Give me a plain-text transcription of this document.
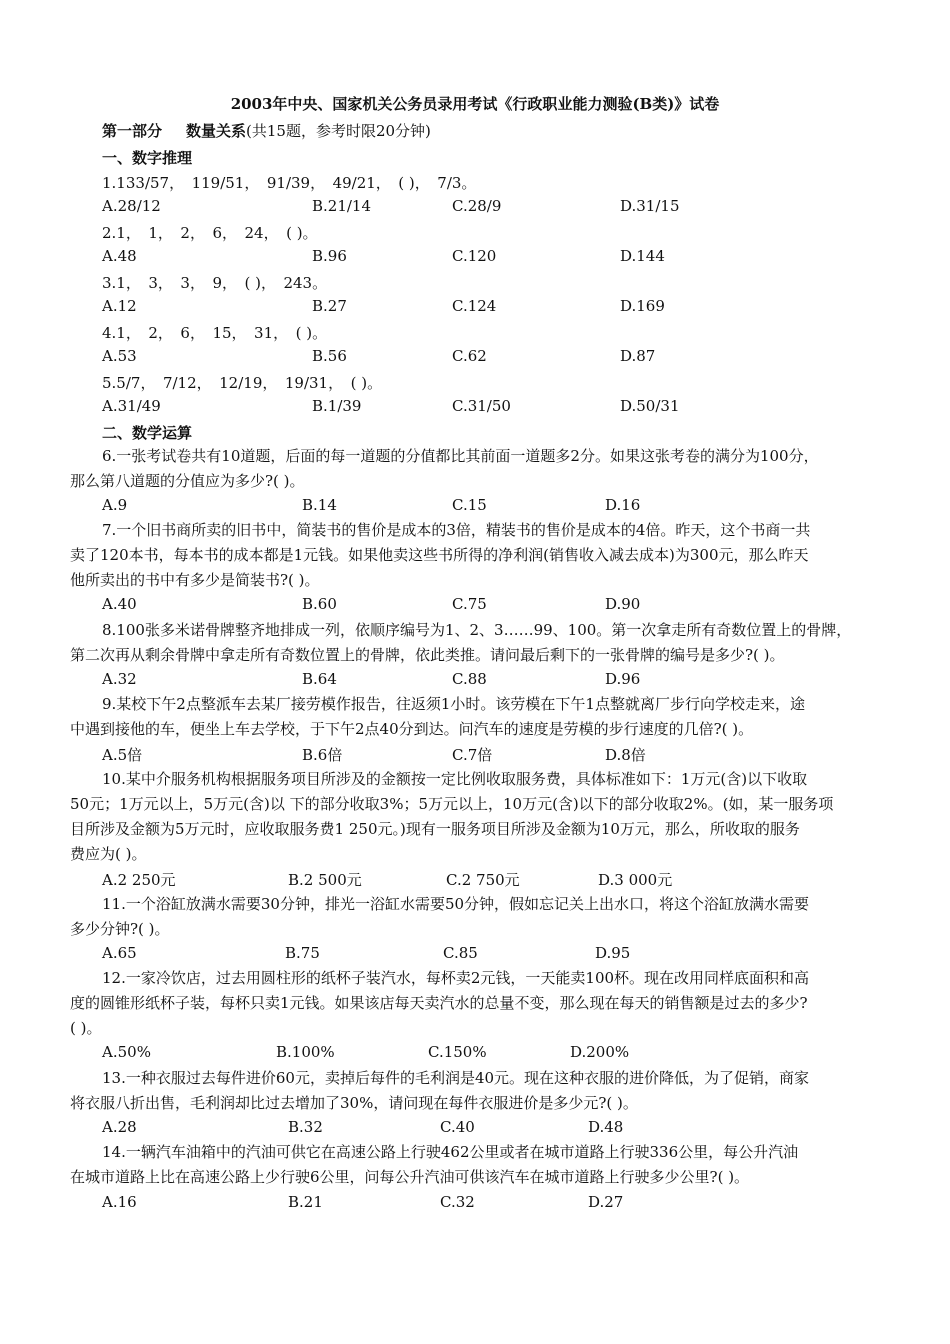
2003年中央、国家机关公务员录用考试《行政职业能力测验(B类)》试卷
第一部分 数量关系(共15题，参考时限20分钟)
一、数字推理
1.133/57，　119/51，　91/39，　49/21，　( )，　7/3。
A.28/12	B.21/14	C.28/9	D.31/15
2.1，　1，　2，　6，　24，　( )。
A.48	B.96	C.120	D.144
3.1，　3，　3，　9，　( )，　243。
A.12	B.27	C.124	D.169
4.1，　2，　6，　15，　31，　( )。
A.53	B.56	C.62	D.87
5.5/7，　7/12，　12/19，　19/31，　( )。
A.31/49	B.1/39	C.31/50	D.50/31
二、数学运算
6.一张考试卷共有10道题，后面的每一道题的分值都比其前面一道题多2分。如果这张考卷的满分为100分，
那么第八道题的分值应为多少?( )。
A.9	B.14	C.15	D.16
7.一个旧书商所卖的旧书中，简装书的售价是成本的3倍，精装书的售价是成本的4倍。昨天，这个书商一共
卖了120本书，每本书的成本都是1元钱。如果他卖这些书所得的净利润(销售收入减去成本)为300元，那么昨天
他所卖出的书中有多少是简装书?( )。
A.40	B.60	C.75	D.90
8.100张多米诺骨牌整齐地排成一列，依顺序编号为1、2、3……99、100。第一次拿走所有奇数位置上的骨牌，
第二次再从剩余骨牌中拿走所有奇数位置上的骨牌，依此类推。请问最后剩下的一张骨牌的编号是多少?( )。
A.32	B.64	C.88	D.96
9.某校下午2点整派车去某厂接劳模作报告，往返须1小时。该劳模在下午1点整就离厂步行向学校走来，途
中遇到接他的车，便坐上车去学校，于下午2点40分到达。问汽车的速度是劳模的步行速度的几倍?( )。
A.5倍	B.6倍	C.7倍	D.8倍
10.某中介服务机构根据服务项目所涉及的金额按一定比例收取服务费，具体标准如下：1万元(含)以下收取
50元；1万元以上，5万元(含)以 下的部分收取3%；5万元以上，10万元(含)以下的部分收取2%。(如，某一服务项
目所涉及金额为5万元时，应收取服务费1 250元。)现有一服务项目所涉及金额为10万元，那么，所收取的服务
费应为( )。
A.2 250元	B.2 500元	C.2 750元	D.3 000元
11.一个浴缸放满水需要30分钟，排光一浴缸水需要50分钟，假如忘记关上出水口，将这个浴缸放满水需要
多少分钟?( )。
A.65	B.75	C.85	D.95
12.一家冷饮店，过去用圆柱形的纸杯子装汽水，每杯卖2元钱，一天能卖100杯。现在改用同样底面积和高
度的圆锥形纸杯子装，每杯只卖1元钱。如果该店每天卖汽水的总量不变，那么现在每天的销售额是过去的多少?
( )。
A.50%	B.100%	C.150%	D.200%
13.一种衣服过去每件进价60元，卖掉后每件的毛利润是40元。现在这种衣服的进价降低，为了促销，商家
将衣服八折出售，毛利润却比过去增加了30%，请问现在每件衣服进价是多少元?( )。
A.28	B.32	C.40	D.48
14.一辆汽车油箱中的汽油可供它在高速公路上行驶462公里或者在城市道路上行驶336公里，每公升汽油
在城市道路上比在高速公路上少行驶6公里，问每公升汽油可供该汽车在城市道路上行驶多少公里?( )。
A.16	B.21	C.32	D.27
